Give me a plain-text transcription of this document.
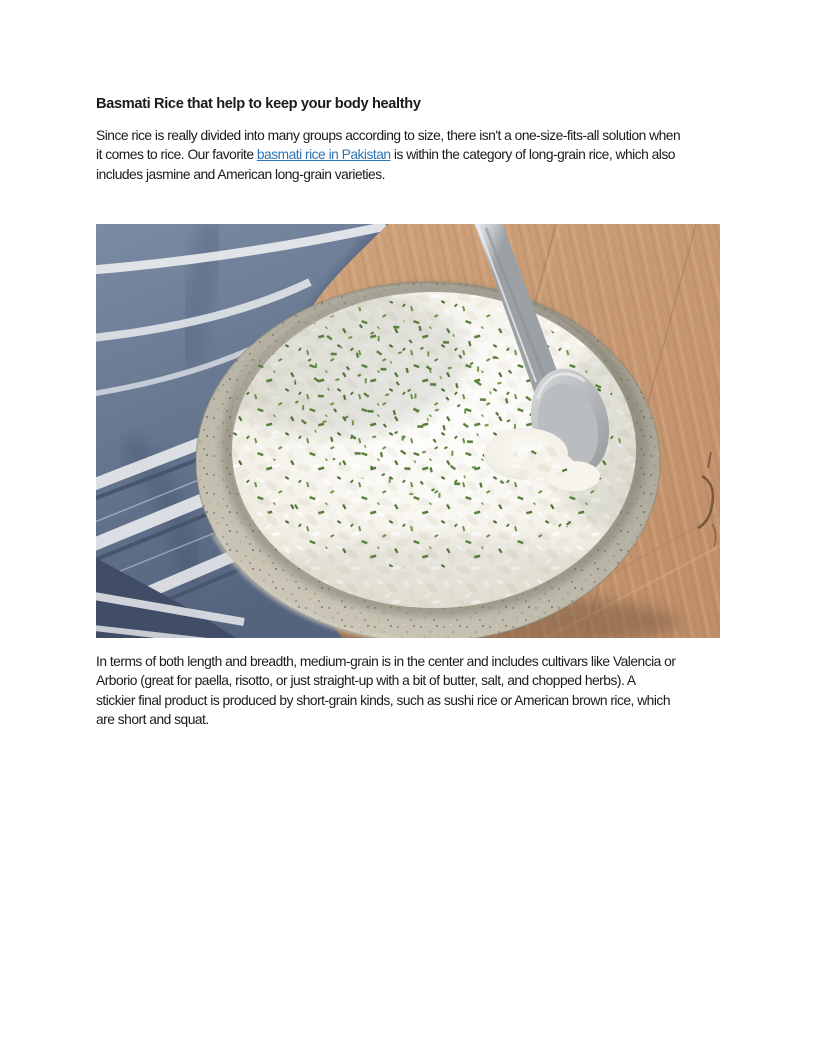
Basmati Rice that help to keep your body healthy
Since rice is really divided into many groups according to size, there isn't a one-size-fits-all solution when
it comes to rice. Our favorite basmati rice in Pakistan is within the category of long-grain rice, which also
includes jasmine and American long-grain varieties.
In terms of both length and breadth, medium-grain is in the center and includes cultivars like Valencia or
Arborio (great for paella, risotto, or just straight-up with a bit of butter, salt, and chopped herbs). A
stickier final product is produced by short-grain kinds, such as sushi rice or American brown rice, which
are short and squat.
